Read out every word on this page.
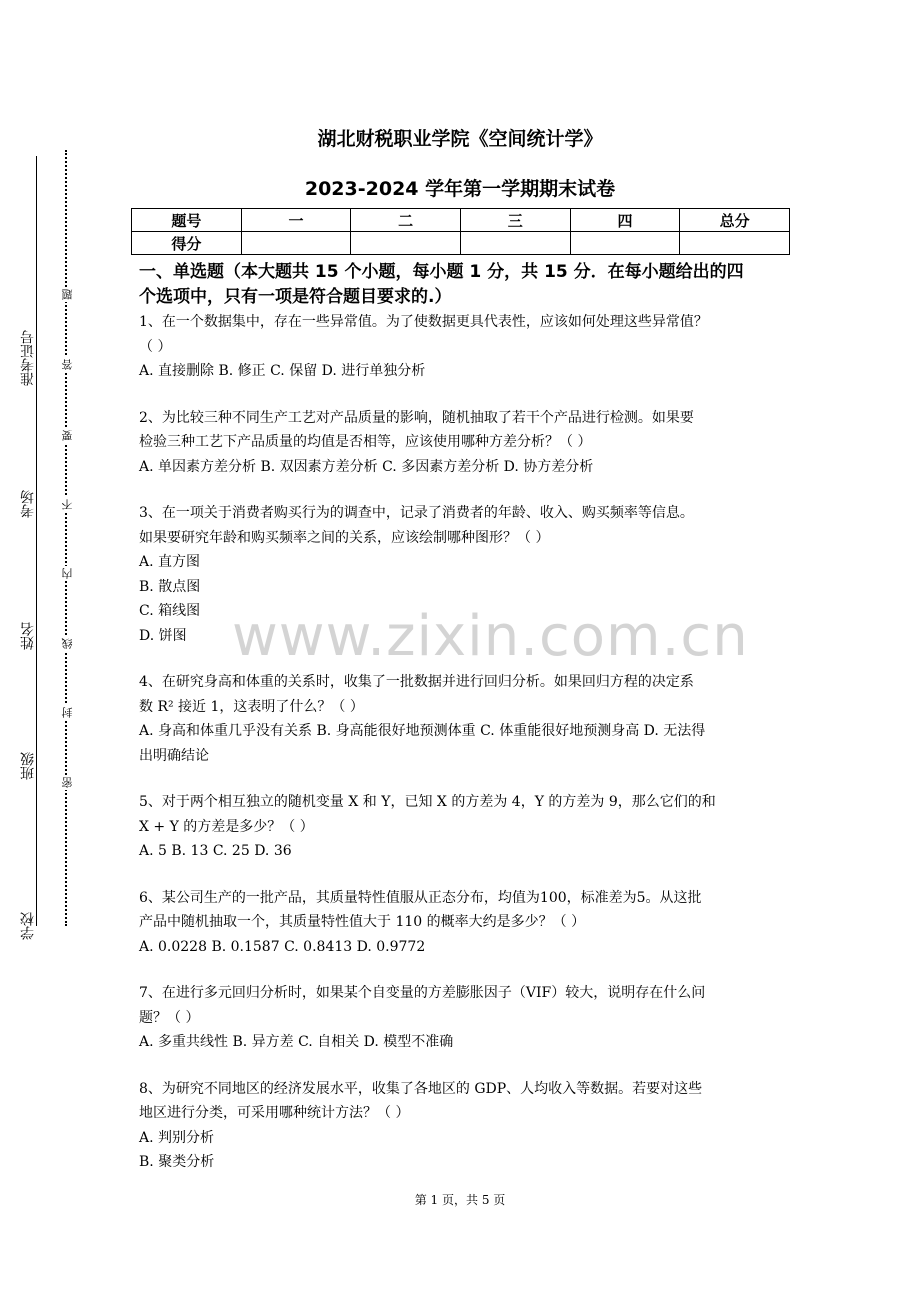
准考证号
考场
姓名
班级
学校
题
答
要
不
内
线
封
密
湖北财税职业学院《空间统计学》
2023-2024 学年第一学期期末试卷
题号	一	二	三	四	总分
得分					
一、单选题（本大题共 15 个小题，每小题 1 分，共 15 分．在每小题给出的四
个选项中，只有一项是符合题目要求的.）
1、在一个数据集中，存在一些异常值。为了使数据更具代表性，应该如何处理这些异常值？
（ ）
A. 直接删除 B. 修正 C. 保留 D. 进行单独分析
2、为比较三种不同生产工艺对产品质量的影响，随机抽取了若干个产品进行检测。如果要
检验三种工艺下产品质量的均值是否相等，应该使用哪种方差分析？（ ）
A. 单因素方差分析 B. 双因素方差分析 C. 多因素方差分析 D. 协方差分析
3、在一项关于消费者购买行为的调查中，记录了消费者的年龄、收入、购买频率等信息。
如果要研究年龄和购买频率之间的关系，应该绘制哪种图形？（ ）
A. 直方图
B. 散点图
C. 箱线图
D. 饼图
4、在研究身高和体重的关系时，收集了一批数据并进行回归分析。如果回归方程的决定系
数 R² 接近 1，这表明了什么？（ ）
A. 身高和体重几乎没有关系 B. 身高能很好地预测体重 C. 体重能很好地预测身高 D. 无法得
出明确结论
5、对于两个相互独立的随机变量 X 和 Y，已知 X 的方差为 4，Y 的方差为 9，那么它们的和
X + Y 的方差是多少？（ ）
A. 5 B. 13 C. 25 D. 36
6、某公司生产的一批产品，其质量特性值服从正态分布，均值为100，标准差为5。从这批
产品中随机抽取一个，其质量特性值大于 110 的概率大约是多少？（ ）
A. 0.0228 B. 0.1587 C. 0.8413 D. 0.9772
7、在进行多元回归分析时，如果某个自变量的方差膨胀因子（VIF）较大，说明存在什么问
题？（ ）
A. 多重共线性 B. 异方差 C. 自相关 D. 模型不准确
8、为研究不同地区的经济发展水平，收集了各地区的 GDP、人均收入等数据。若要对这些
地区进行分类，可采用哪种统计方法？（ ）
A. 判别分析
B. 聚类分析
www.zixin.com.cn
第 1 页，共 5 页
